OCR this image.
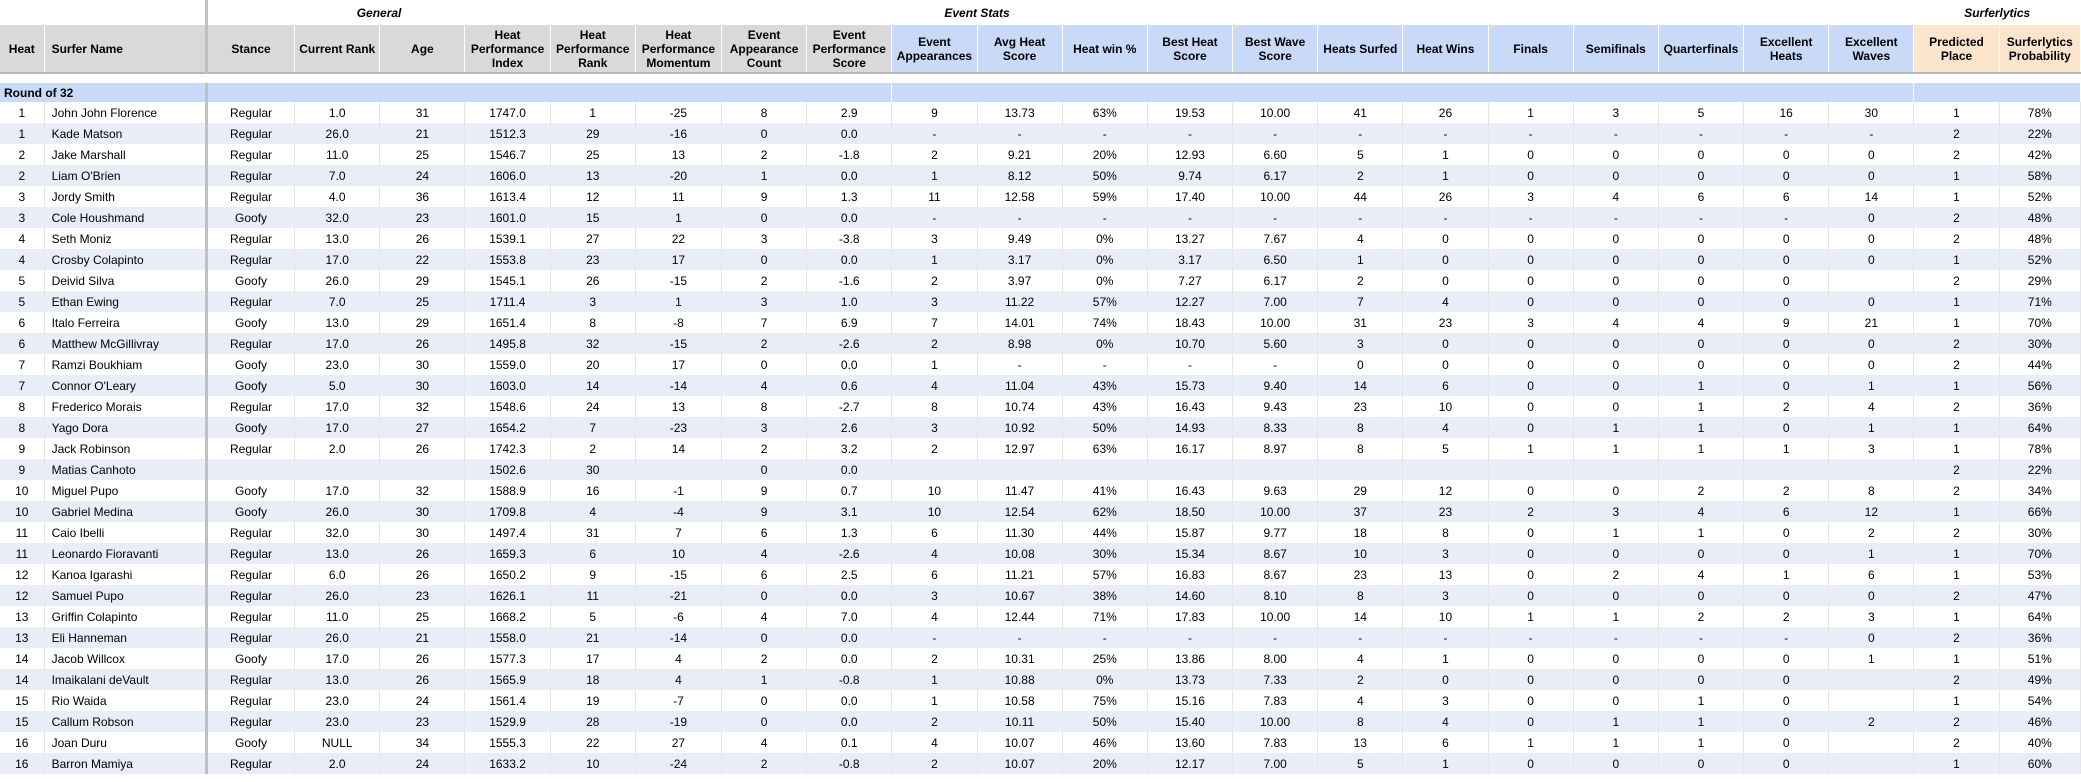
		General								Event Stats												Surferlytics	
Heat	Surfer Name	Stance	Current Rank	Age	Heat Performance Index	Heat Performance Rank	Heat Performance Momentum	Event Appearance Count	Event Performance Score	Event Appearances	Avg Heat Score	Heat win %	Best Heat Score	Best Wave Score	Heats Surfed	Heat Wins	Finals	Semifinals	Quarterfinals	Excellent Heats	Excellent Waves	Predicted Place	Surferlytics Probability

Round of 32																							
1	John John Florence	Regular	1.0	31	1747.0	1	-25	8	2.9	9	13.73	63%	19.53	10.00	41	26	1	3	5	16	30	1	78%
1	Kade Matson	Regular	26.0	21	1512.3	29	-16	0	0.0	-	-	-	-	-	-	-	-	-	-	-	-	2	22%
2	Jake Marshall	Regular	11.0	25	1546.7	25	13	2	-1.8	2	9.21	20%	12.93	6.60	5	1	0	0	0	0	0	2	42%
2	Liam O'Brien	Regular	7.0	24	1606.0	13	-20	1	0.0	1	8.12	50%	9.74	6.17	2	1	0	0	0	0	0	1	58%
3	Jordy Smith	Regular	4.0	36	1613.4	12	11	9	1.3	11	12.58	59%	17.40	10.00	44	26	3	4	6	6	14	1	52%
3	Cole Houshmand	Goofy	32.0	23	1601.0	15	1	0	0.0	-	-	-	-	-	-	-	-	-	-	-	0	2	48%
4	Seth Moniz	Regular	13.0	26	1539.1	27	22	3	-3.8	3	9.49	0%	13.27	7.67	4	0	0	0	0	0	0	2	48%
4	Crosby Colapinto	Regular	17.0	22	1553.8	23	17	0	0.0	1	3.17	0%	3.17	6.50	1	0	0	0	0	0	0	1	52%
5	Deivid Silva	Goofy	26.0	29	1545.1	26	-15	2	-1.6	2	3.97	0%	7.27	6.17	2	0	0	0	0	0		2	29%
5	Ethan Ewing	Regular	7.0	25	1711.4	3	1	3	1.0	3	11.22	57%	12.27	7.00	7	4	0	0	0	0	0	1	71%
6	Italo Ferreira	Goofy	13.0	29	1651.4	8	-8	7	6.9	7	14.01	74%	18.43	10.00	31	23	3	4	4	9	21	1	70%
6	Matthew McGillivray	Regular	17.0	26	1495.8	32	-15	2	-2.6	2	8.98	0%	10.70	5.60	3	0	0	0	0	0	0	2	30%
7	Ramzi Boukhiam	Goofy	23.0	30	1559.0	20	17	0	0.0	1	-	-	-	-	0	0	0	0	0	0	0	2	44%
7	Connor O'Leary	Goofy	5.0	30	1603.0	14	-14	4	0.6	4	11.04	43%	15.73	9.40	14	6	0	0	1	0	1	1	56%
8	Frederico Morais	Regular	17.0	32	1548.6	24	13	8	-2.7	8	10.74	43%	16.43	9.43	23	10	0	0	1	2	4	2	36%
8	Yago Dora	Goofy	17.0	27	1654.2	7	-23	3	2.6	3	10.92	50%	14.93	8.33	8	4	0	1	1	0	1	1	64%
9	Jack Robinson	Regular	2.0	26	1742.3	2	14	2	3.2	2	12.97	63%	16.17	8.97	8	5	1	1	1	1	3	1	78%
9	Matias Canhoto				1502.6	30		0	0.0													2	22%
10	Miguel Pupo	Goofy	17.0	32	1588.9	16	-1	9	0.7	10	11.47	41%	16.43	9.63	29	12	0	0	2	2	8	2	34%
10	Gabriel Medina	Goofy	26.0	30	1709.8	4	-4	9	3.1	10	12.54	62%	18.50	10.00	37	23	2	3	4	6	12	1	66%
11	Caio Ibelli	Regular	32.0	30	1497.4	31	7	6	1.3	6	11.30	44%	15.87	9.77	18	8	0	1	1	0	2	2	30%
11	Leonardo Fioravanti	Regular	13.0	26	1659.3	6	10	4	-2.6	4	10.08	30%	15.34	8.67	10	3	0	0	0	0	1	1	70%
12	Kanoa Igarashi	Regular	6.0	26	1650.2	9	-15	6	2.5	6	11.21	57%	16.83	8.67	23	13	0	2	4	1	6	1	53%
12	Samuel Pupo	Regular	26.0	23	1626.1	11	-21	0	0.0	3	10.67	38%	14.60	8.10	8	3	0	0	0	0	0	2	47%
13	Griffin Colapinto	Regular	11.0	25	1668.2	5	-6	4	7.0	4	12.44	71%	17.83	10.00	14	10	1	1	2	2	3	1	64%
13	Eli Hanneman	Regular	26.0	21	1558.0	21	-14	0	0.0	-	-	-	-	-	-	-	-	-	-	-	0	2	36%
14	Jacob Willcox	Goofy	17.0	26	1577.3	17	4	2	0.0	2	10.31	25%	13.86	8.00	4	1	0	0	0	0	1	1	51%
14	Imaikalani deVault	Regular	13.0	26	1565.9	18	4	1	-0.8	1	10.88	0%	13.73	7.33	2	0	0	0	0	0		2	49%
15	Rio Waida	Regular	23.0	24	1561.4	19	-7	0	0.0	1	10.58	75%	15.16	7.83	4	3	0	0	1	0		1	54%
15	Callum Robson	Regular	23.0	23	1529.9	28	-19	0	0.0	2	10.11	50%	15.40	10.00	8	4	0	1	1	0	2	2	46%
16	Joan Duru	Goofy	NULL	34	1555.3	22	27	4	0.1	4	10.07	46%	13.60	7.83	13	6	1	1	1	0		2	40%
16	Barron Mamiya	Regular	2.0	24	1633.2	10	-24	2	-0.8	2	10.07	20%	12.17	7.00	5	1	0	0	0	0		1	60%
